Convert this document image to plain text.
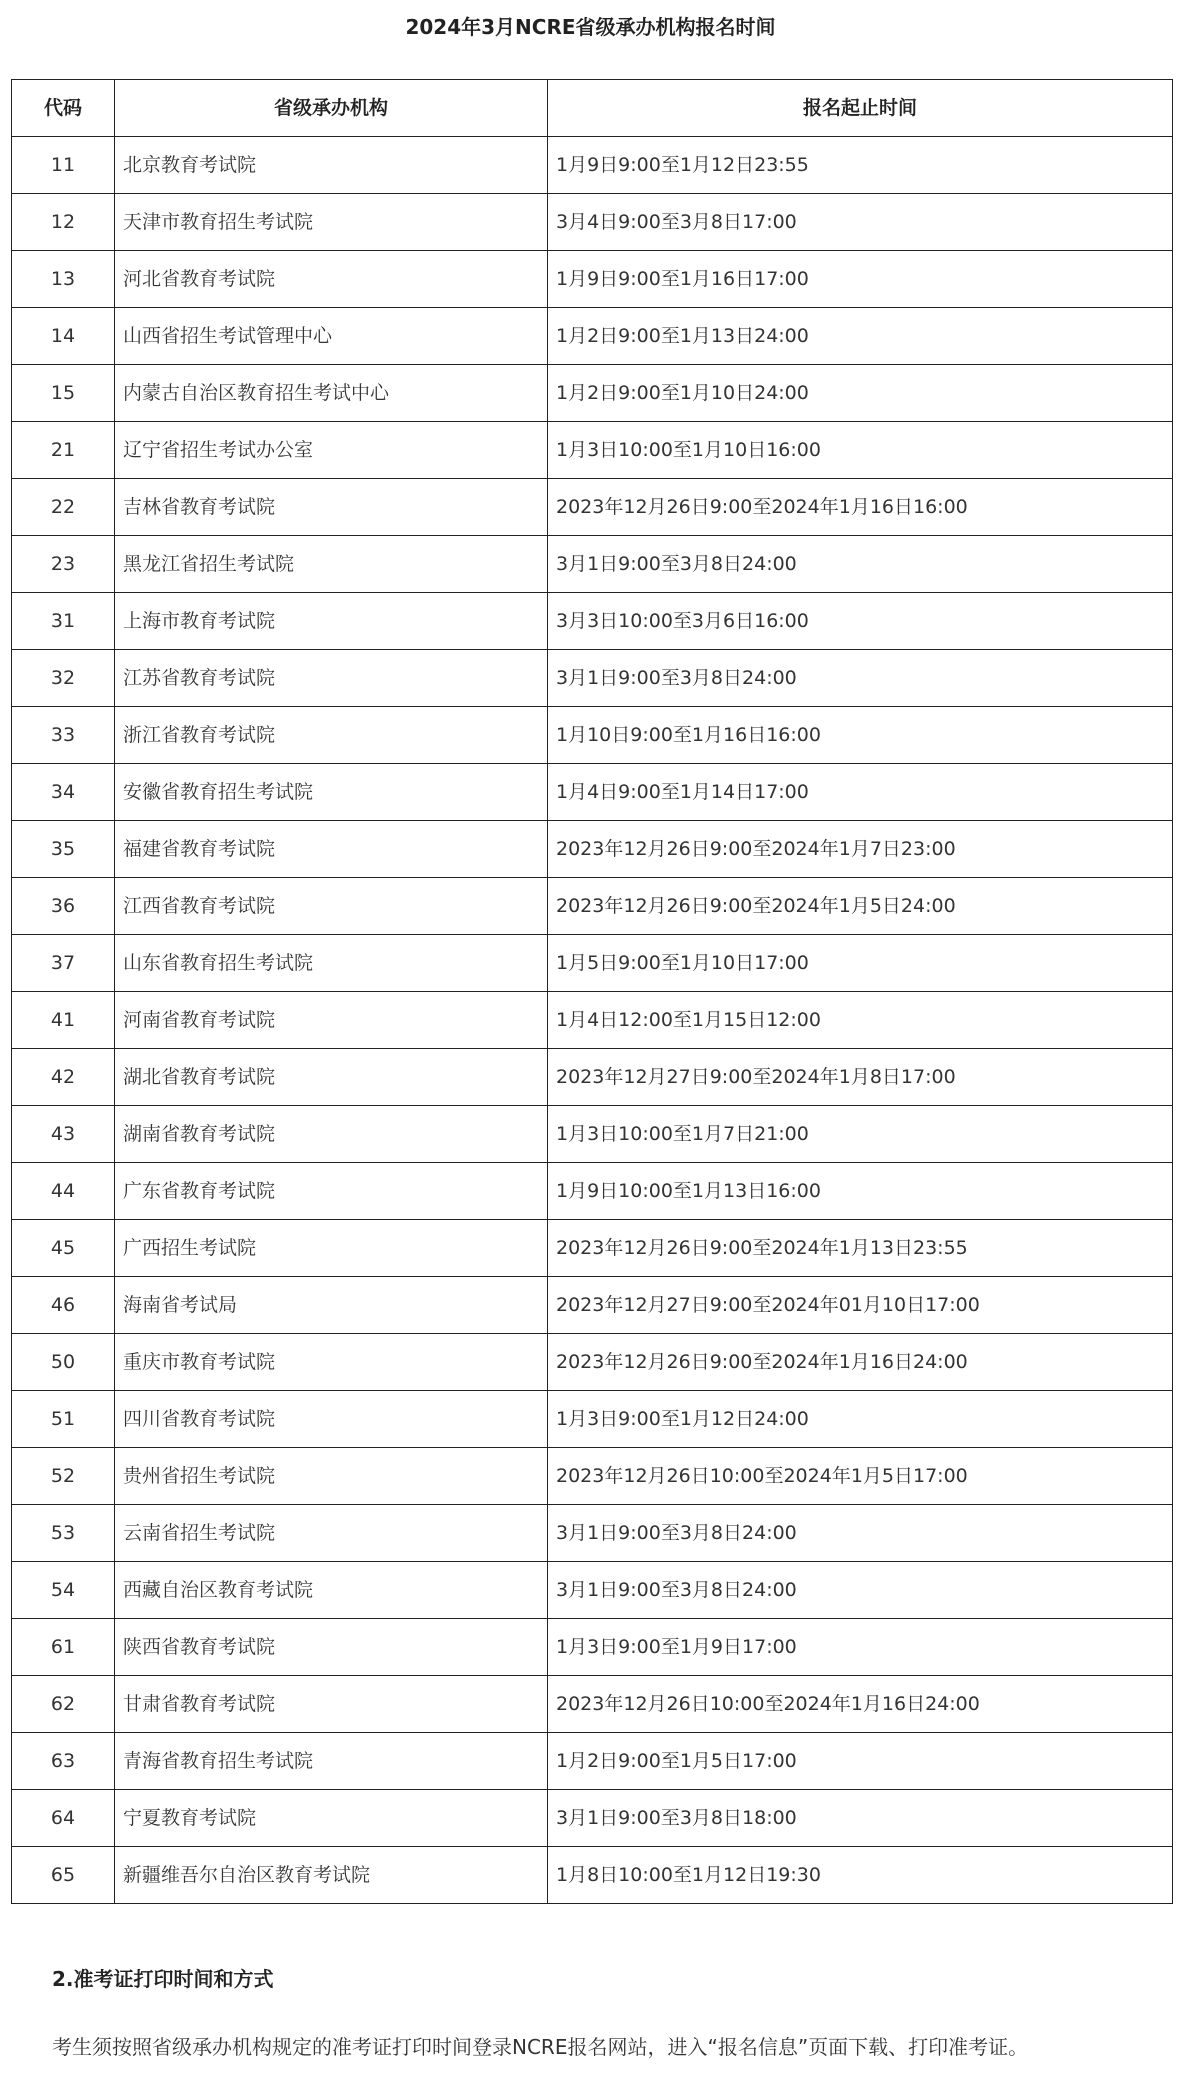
2024年3月NCRE省级承办机构报名时间
代码	省级承办机构	报名起止时间
11	北京教育考试院	1月9日9:00至1月12日23:55
12	天津市教育招生考试院	3月4日9:00至3月8日17:00
13	河北省教育考试院	1月9日9:00至1月16日17:00
14	山西省招生考试管理中心	1月2日9:00至1月13日24:00
15	内蒙古自治区教育招生考试中心	1月2日9:00至1月10日24:00
21	辽宁省招生考试办公室	1月3日10:00至1月10日16:00
22	吉林省教育考试院	2023年12月26日9:00至2024年1月16日16:00
23	黑龙江省招生考试院	3月1日9:00至3月8日24:00
31	上海市教育考试院	3月3日10:00至3月6日16:00
32	江苏省教育考试院	3月1日9:00至3月8日24:00
33	浙江省教育考试院	1月10日9:00至1月16日16:00
34	安徽省教育招生考试院	1月4日9:00至1月14日17:00
35	福建省教育考试院	2023年12月26日9:00至2024年1月7日23:00
36	江西省教育考试院	2023年12月26日9:00至2024年1月5日24:00
37	山东省教育招生考试院	1月5日9:00至1月10日17:00
41	河南省教育考试院	1月4日12:00至1月15日12:00
42	湖北省教育考试院	2023年12月27日9:00至2024年1月8日17:00
43	湖南省教育考试院	1月3日10:00至1月7日21:00
44	广东省教育考试院	1月9日10:00至1月13日16:00
45	广西招生考试院	2023年12月26日9:00至2024年1月13日23:55
46	海南省考试局	2023年12月27日9:00至2024年01月10日17:00
50	重庆市教育考试院	2023年12月26日9:00至2024年1月16日24:00
51	四川省教育考试院	1月3日9:00至1月12日24:00
52	贵州省招生考试院	2023年12月26日10:00至2024年1月5日17:00
53	云南省招生考试院	3月1日9:00至3月8日24:00
54	西藏自治区教育考试院	3月1日9:00至3月8日24:00
61	陕西省教育考试院	1月3日9:00至1月9日17:00
62	甘肃省教育考试院	2023年12月26日10:00至2024年1月16日24:00
63	青海省教育招生考试院	1月2日9:00至1月5日17:00
64	宁夏教育考试院	3月1日9:00至3月8日18:00
65	新疆维吾尔自治区教育考试院	1月8日10:00至1月12日19:30
2.准考证打印时间和方式
考生须按照省级承办机构规定的准考证打印时间登录NCRE报名网站，进入“报名信息”页面下载、打印准考证。
